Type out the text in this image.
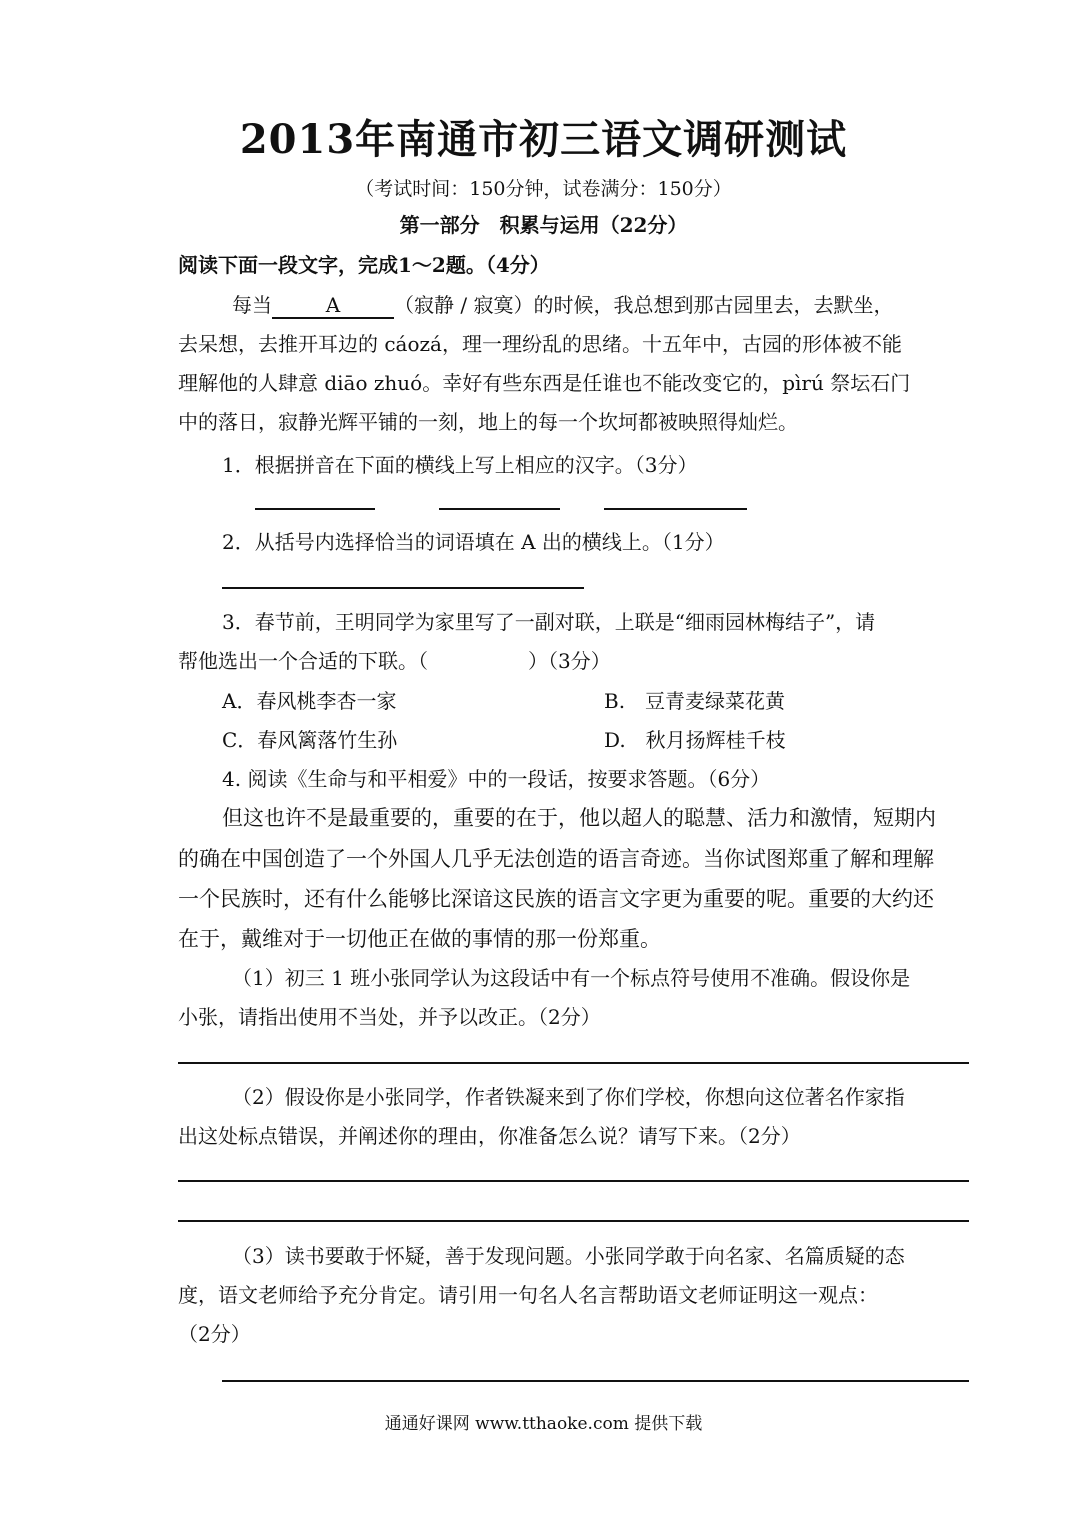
2013年南通市初三语文调研测试
（考试时间：150分钟，试卷满分：150分）
第一部分　积累与运用（22分）
阅读下面一段文字，完成1～2题。（4分）
每当	A	（寂静 / 寂寞）的时候，我总想到那古园里去，去默坐，
去呆想，去推开耳边的 cáozá，理一理纷乱的思绪。十五年中，古园的形体被不能
理解他的人肆意 diāo zhuó。幸好有些东西是任谁也不能改变它的，pìrú 祭坛石门
中的落日，寂静光辉平铺的一刻，地上的每一个坎坷都被映照得灿烂。
1．根据拼音在下面的横线上写上相应的汉字。（3分）
2．从括号内选择恰当的词语填在 A 出的横线上。（1分）
3．春节前，王明同学为家里写了一副对联，上联是“细雨园林梅结子”，请
帮他选出一个合适的下联。（　　　　　）（3分）
A．春风桃李杏一家	B.　豆青麦绿菜花黄
C．春风篱落竹生孙	D.　秋月扬辉桂千枝
4. 阅读《生命与和平相爱》中的一段话，按要求答题。（6分）
但这也许不是最重要的，重要的在于，他以超人的聪慧、活力和激情，短期内
的确在中国创造了一个外国人几乎无法创造的语言奇迹。当你试图郑重了解和理解
一个民族时，还有什么能够比深谙这民族的语言文字更为重要的呢。重要的大约还
在于，戴维对于一切他正在做的事情的那一份郑重。
（1）初三 1 班小张同学认为这段话中有一个标点符号使用不准确。假设你是
小张，请指出使用不当处，并予以改正。（2分）
（2）假设你是小张同学，作者铁凝来到了你们学校，你想向这位著名作家指
出这处标点错误，并阐述你的理由，你准备怎么说？请写下来。（2分）
（3）读书要敢于怀疑，善于发现问题。小张同学敢于向名家、名篇质疑的态
度，语文老师给予充分肯定。请引用一句名人名言帮助语文老师证明这一观点：
（2分）
通通好课网 www.tthaoke.com 提供下载
